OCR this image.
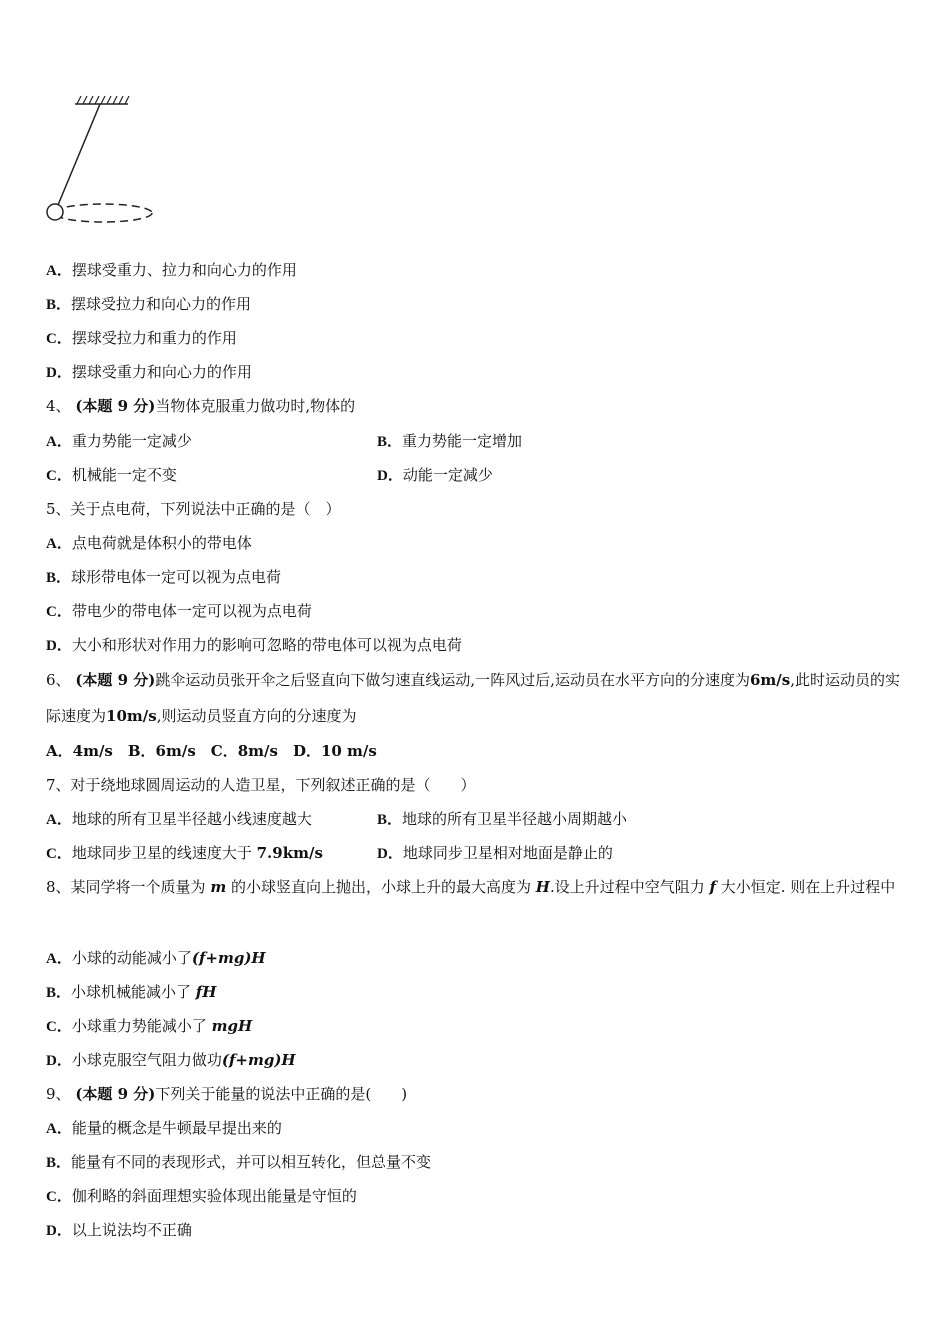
A．摆球受重力、拉力和向心力的作用
B．摆球受拉力和向心力的作用
C．摆球受拉力和重力的作用
D．摆球受重力和向心力的作用
4、 (本题 9 分)当物体克服重力做功时,物体的
A．重力势能一定减少	B．重力势能一定增加
C．机械能一定不变	D．动能一定减少
5、关于点电荷，下列说法中正确的是（　）
A．点电荷就是体积小的带电体
B．球形带电体一定可以视为点电荷
C．带电少的带电体一定可以视为点电荷
D．大小和形状对作用力的影响可忽略的带电体可以视为点电荷
6、 (本题 9 分)跳伞运动员张开伞之后竖直向下做匀速直线运动,一阵风过后,运动员在水平方向的分速度为6m/s,此时运动员的实际速度为10m/s,则运动员竖直方向的分速度为
A．4m/s　B．6m/s　C．8m/s　D．10 m/s
7、对于绕地球圆周运动的人造卫星，下列叙述正确的是（　　）
A．地球的所有卫星半径越小线速度越大	B．地球的所有卫星半径越小周期越小
C．地球同步卫星的线速度大于 7.9km/s	D．地球同步卫星相对地面是静止的
8、某同学将一个质量为 m 的小球竖直向上抛出，小球上升的最大高度为 H.设上升过程中空气阻力 f 大小恒定. 则在上升过程中
A．小球的动能减小了(f+mg)H
B．小球机械能减小了 fH
C．小球重力势能减小了 mgH
D．小球克服空气阻力做功(f+mg)H
9、 (本题 9 分)下列关于能量的说法中正确的是(　　)
A．能量的概念是牛顿最早提出来的
B．能量有不同的表现形式，并可以相互转化，但总量不变
C．伽利略的斜面理想实验体现出能量是守恒的
D．以上说法均不正确
